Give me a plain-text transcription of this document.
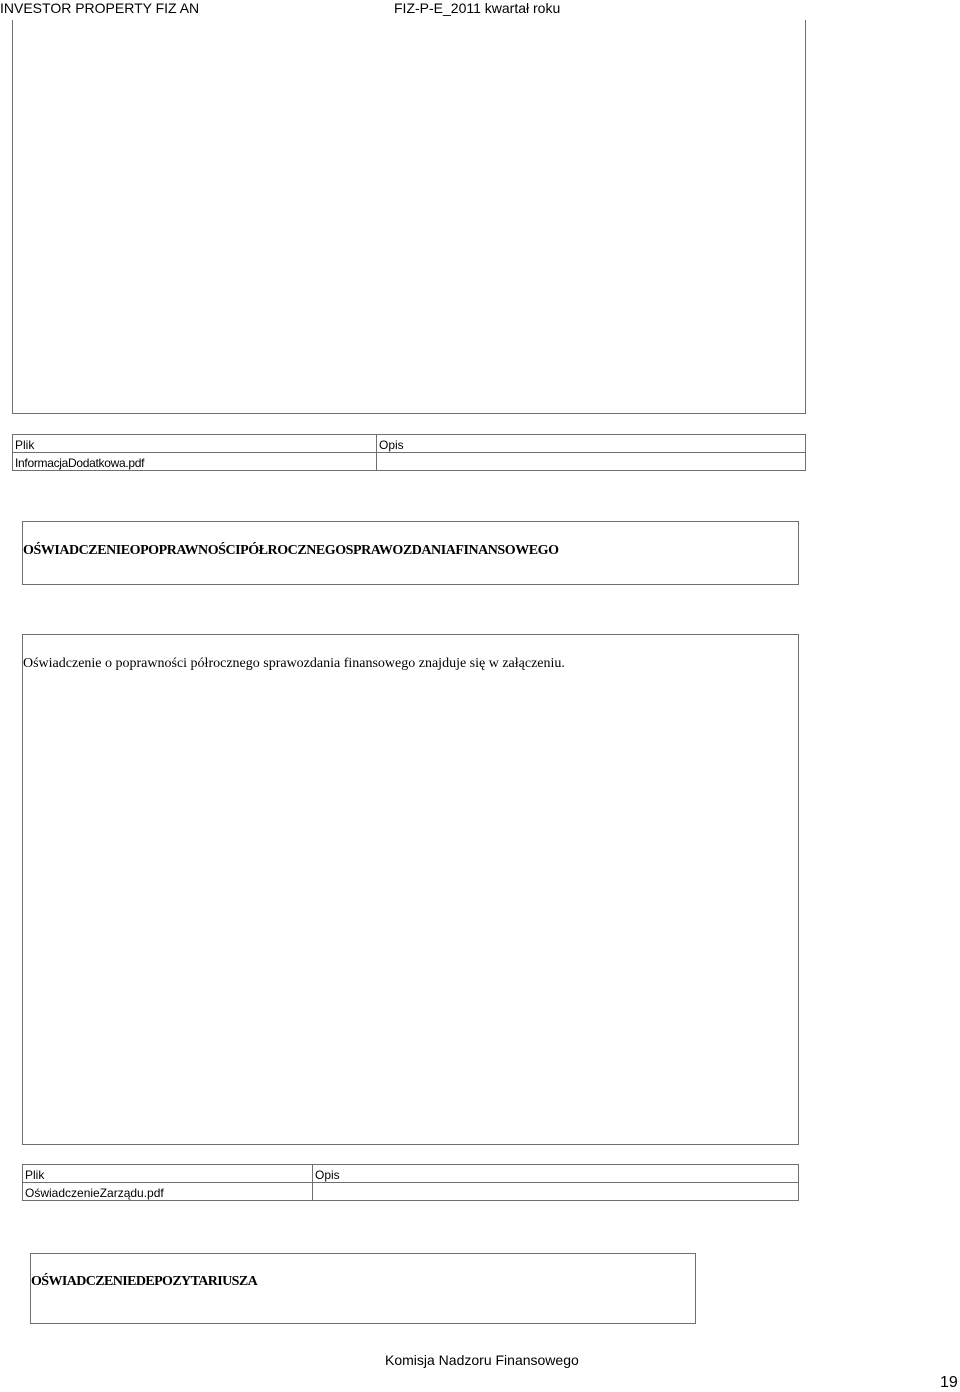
INVESTOR PROPERTY FIZ AN	FIZ-P-E_2011 kwartał roku
Plik	Opis
InformacjaDodatkowa.pdf	
OŚWIADCZENIEOPOPRAWNOŚCIPÓŁROCZNEGOSPRAWOZDANIAFINANSOWEGO
Oświadczenie o poprawności półrocznego sprawozdania finansowego znajduje się w załączeniu.
Plik	Opis
OświadczenieZarządu.pdf	
OŚWIADCZENIEDEPOZYTARIUSZA
Komisja Nadzoru Finansowego
19
